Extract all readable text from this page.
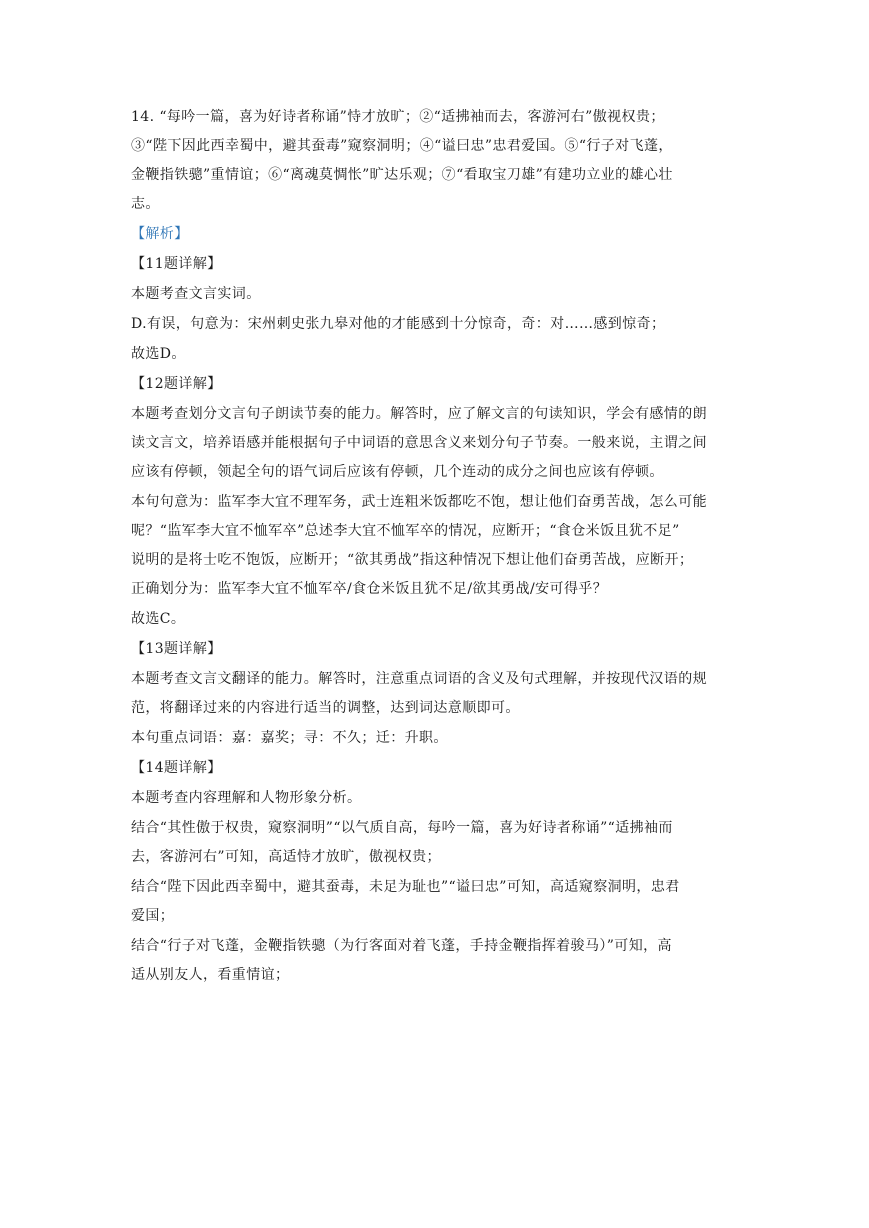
14. “每吟一篇，喜为好诗者称诵”恃才放旷；②“适拂袖而去，客游河右”傲视权贵；
③“陛下因此西幸蜀中，避其蚕毒”窥察洞明；④“谥曰忠”忠君爱国。⑤“行子对飞蓬，
金鞭指铁骢”重情谊；⑥“离魂莫惆怅”旷达乐观；⑦“看取宝刀雄”有建功立业的雄心壮
志。
【解析】
【11题详解】
本题考查文言实词。
D.有误，句意为：宋州刺史张九皋对他的才能感到十分惊奇，奇：对……感到惊奇；
故选D。
【12题详解】
本题考查划分文言句子朗读节奏的能力。解答时，应了解文言的句读知识，学会有感情的朗
读文言文，培养语感并能根据句子中词语的意思含义来划分句子节奏。一般来说，主谓之间
应该有停顿，领起全句的语气词后应该有停顿，几个连动的成分之间也应该有停顿。
本句句意为：监军李大宜不理军务，武士连粗米饭都吃不饱，想让他们奋勇苦战，怎么可能
呢？“监军李大宜不恤军卒”总述李大宜不恤军卒的情况，应断开；“食仓米饭且犹不足”
说明的是将士吃不饱饭，应断开；“欲其勇战”指这种情况下想让他们奋勇苦战，应断开；
正确划分为：监军李大宜不恤军卒/食仓米饭且犹不足/欲其勇战/安可得乎？
故选C。
【13题详解】
本题考查文言文翻译的能力。解答时，注意重点词语的含义及句式理解，并按现代汉语的规
范，将翻译过来的内容进行适当的调整，达到词达意顺即可。
本句重点词语：嘉：嘉奖；寻：不久；迁：升职。
【14题详解】
本题考查内容理解和人物形象分析。
结合“其性傲于权贵，窥察洞明”“以气质自高，每吟一篇，喜为好诗者称诵”“适拂袖而
去，客游河右”可知，高适恃才放旷，傲视权贵；
结合“陛下因此西幸蜀中，避其蚕毒，未足为耻也”“谥曰忠”可知，高适窥察洞明，忠君
爱国；
结合“行子对飞蓬，金鞭指铁骢（为行客面对着飞蓬，手持金鞭指挥着骏马）”可知，高
适从别友人，看重情谊；
